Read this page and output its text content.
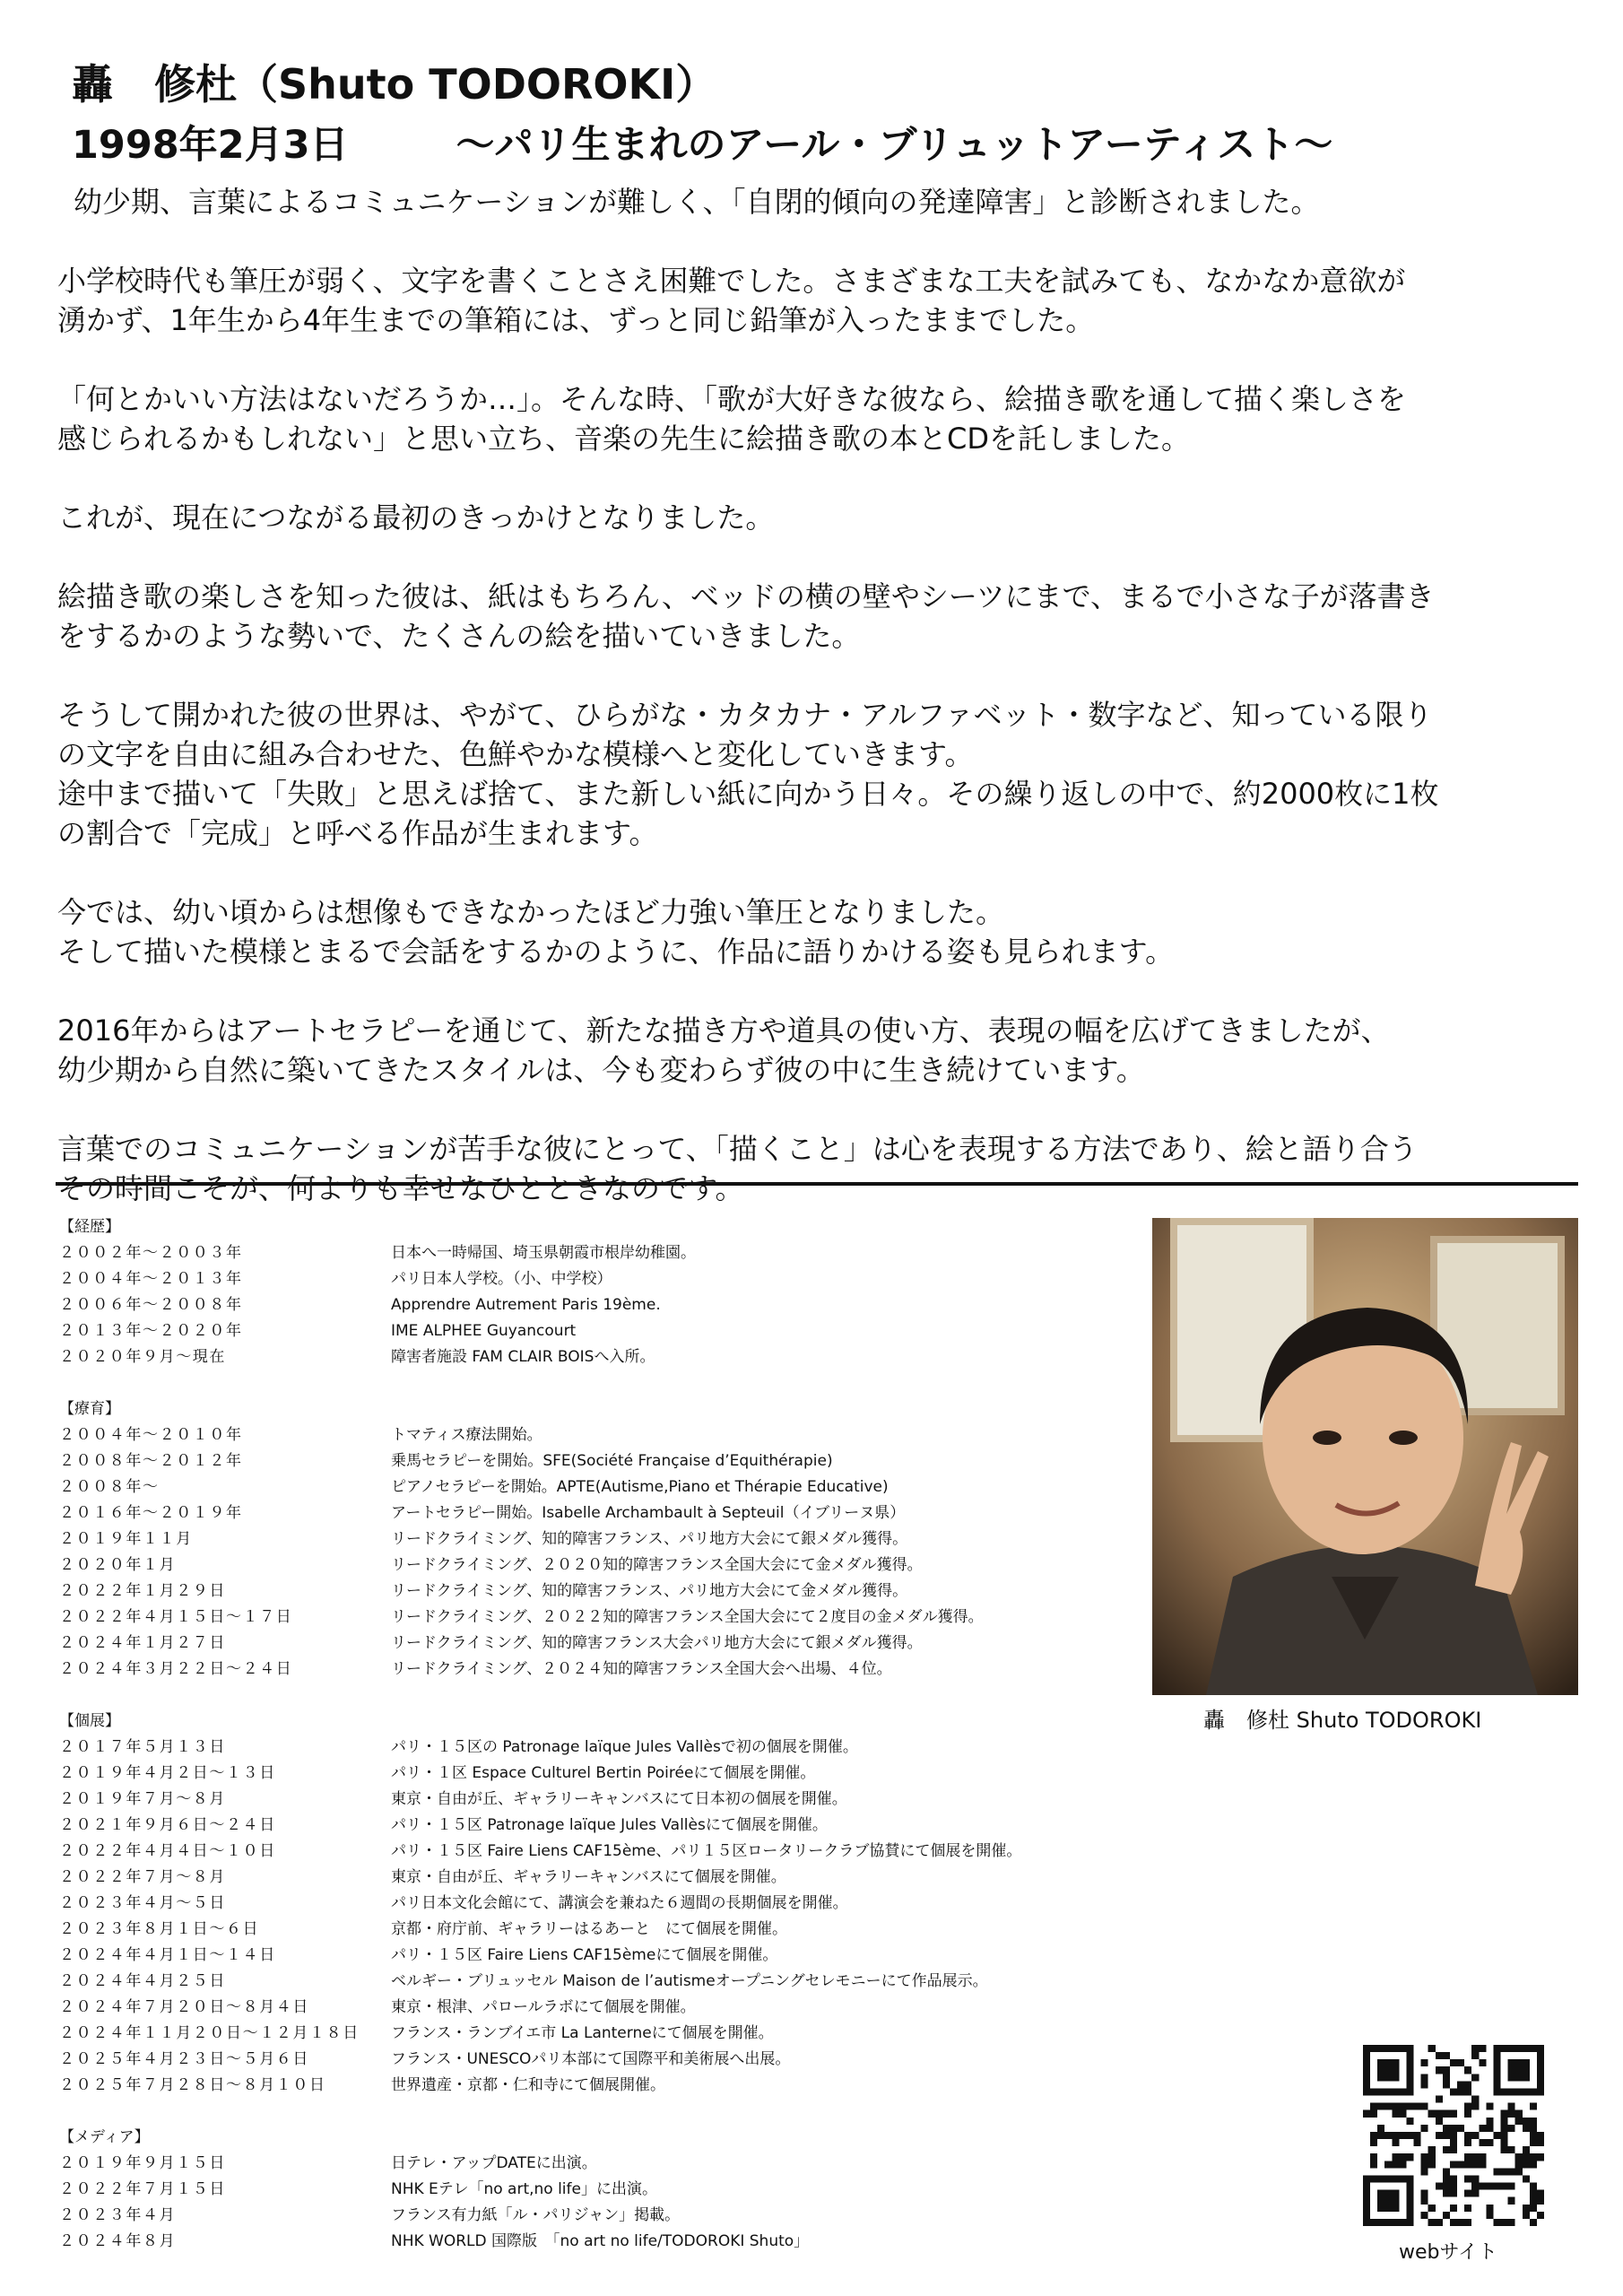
轟　修杜（Shuto TODOROKI）
1998年2月3日	〜パリ生まれのアール・ブリュットアーティスト〜

幼少期、言葉によるコミュニケーションが難しく、「自閉的傾向の発達障害」と診断されました。

小学校時代も筆圧が弱く、文字を書くことさえ困難でした。さまざまな工夫を試みても、なかなか意欲が
湧かず、1年生から4年生までの筆箱には、ずっと同じ鉛筆が入ったままでした。

「何とかいい方法はないだろうか…」。そんな時、「歌が大好きな彼なら、絵描き歌を通して描く楽しさを
感じられるかもしれない」と思い立ち、音楽の先生に絵描き歌の本とCDを託しました。

これが、現在につながる最初のきっかけとなりました。

絵描き歌の楽しさを知った彼は、紙はもちろん、ベッドの横の壁やシーツにまで、まるで小さな子が落書き
をするかのような勢いで、たくさんの絵を描いていきました。

そうして開かれた彼の世界は、やがて、ひらがな・カタカナ・アルファベット・数字など、知っている限り
の文字を自由に組み合わせた、色鮮やかな模様へと変化していきます。
途中まで描いて「失敗」と思えば捨て、また新しい紙に向かう日々。その繰り返しの中で、約2000枚に1枚
の割合で「完成」と呼べる作品が生まれます。

今では、幼い頃からは想像もできなかったほど力強い筆圧となりました。
そして描いた模様とまるで会話をするかのように、作品に語りかける姿も見られます。

2016年からはアートセラピーを通じて、新たな描き方や道具の使い方、表現の幅を広げてきましたが、
幼少期から自然に築いてきたスタイルは、今も変わらず彼の中に生き続けています。

言葉でのコミュニケーションが苦手な彼にとって、「描くこと」は心を表現する方法であり、絵と語り合う
その時間こそが、何よりも幸せなひとときなのです。

【経歴】
２００２年〜２００３年	日本へ一時帰国、埼玉県朝霞市根岸幼稚園。
２００４年〜２０１３年	パリ日本人学校。（小、中学校）
２００６年〜２００８年	Apprendre Autrement Paris 19ème.
２０１３年〜２０２０年	IME ALPHEE Guyancourt
２０２０年９月〜現在	障害者施設 FAM CLAIR BOISへ入所。
【療育】
２００４年〜２０１０年	トマティス療法開始。
２００８年〜２０１２年	乗馬セラピーを開始。SFE(Société Française d’Equithérapie)
２００８年〜	ピアノセラピーを開始。APTE(Autisme,Piano et Thérapie Educative)
２０１６年〜２０１９年	アートセラピー開始。Isabelle Archambault à Septeuil（イブリーヌ県）
２０１９年１１月	リードクライミング、知的障害フランス、パリ地方大会にて銀メダル獲得。
２０２０年１月	リードクライミング、２０２０知的障害フランス全国大会にて金メダル獲得。
２０２２年１月２９日	リードクライミング、知的障害フランス、パリ地方大会にて金メダル獲得。
２０２２年４月１５日〜１７日	リードクライミング、２０２２知的障害フランス全国大会にて２度目の金メダル獲得。
２０２４年１月２７日	リードクライミング、知的障害フランス大会パリ地方大会にて銀メダル獲得。
２０２４年３月２２日〜２４日	リードクライミング、２０２４知的障害フランス全国大会へ出場、４位。
【個展】
２０１７年５月１３日	パリ・１５区の Patronage laïque Jules Vallèsで初の個展を開催。
２０１９年４月２日〜１３日	パリ・１区 Espace Culturel Bertin Poiréeにて個展を開催。
２０１９年７月〜８月	東京・自由が丘、ギャラリーキャンバスにて日本初の個展を開催。
２０２１年９月６日〜２４日	パリ・１５区 Patronage laïque Jules Vallèsにて個展を開催。
２０２２年４月４日〜１０日	パリ・１５区 Faire Liens CAF15ème、パリ１５区ロータリークラブ協賛にて個展を開催。
２０２２年７月〜８月	東京・自由が丘、ギャラリーキャンバスにて個展を開催。
２０２３年４月〜５日	パリ日本文化会館にて、講演会を兼ねた６週間の長期個展を開催。
２０２３年８月１日〜６日	京都・府庁前、ギャラリーはるあーと　にて個展を開催。
２０２４年４月１日〜１４日	パリ・１５区 Faire Liens CAF15èmeにて個展を開催。
２０２４年４月２５日	ベルギー・ブリュッセル Maison de l’autismeオープニングセレモニーにて作品展示。
２０２４年７月２０日〜８月４日	東京・根津、パロールラボにて個展を開催。
２０２４年１１月２０日〜１２月１８日	フランス・ランブイエ市 La Lanterneにて個展を開催。
２０２５年４月２３日〜５月６日	フランス・UNESCOパリ本部にて国際平和美術展へ出展。
２０２５年７月２８日〜８月１０日	世界遺産・京都・仁和寺にて個展開催。
【メディア】
２０１９年９月１５日	日テレ・アップDATEに出演。
２０２２年７月１５日	NHK Eテレ「no art,no life」に出演。
２０２３年４月	フランス有力紙「ル・パリジャン」掲載。
２０２４年８月	NHK WORLD 国際版　「no art no life/TODOROKI Shuto」
轟　修杜 Shuto TODOROKI
webサイト
